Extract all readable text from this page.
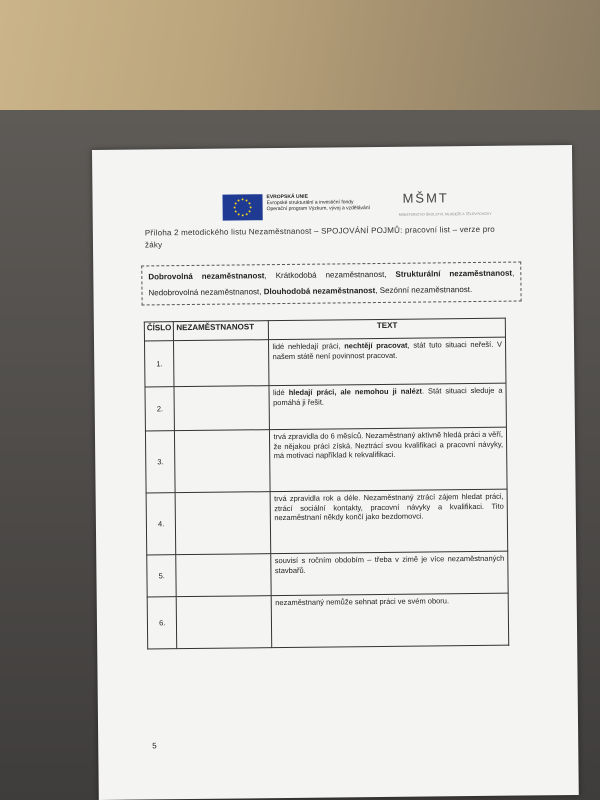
EVROPSKÁ UNIE
Evropské strukturální a investiční fondy
Operační program Výzkum, vývoj a vzdělávání
MŠMT
MINISTERSTVO ŠKOLSTVÍ, MLÁDEŽE A TĚLOVÝCHOVY
Příloha 2 metodického listu Nezaměstnanost – SPOJOVÁNÍ POJMŮ: pracovní list – verze pro žáky
Dobrovolná nezaměstnanost, Krátkodobá nezaměstnanost, Strukturální nezaměstnanost, Nedobrovolná nezaměstnanost, Dlouhodobá nezaměstnanost, Sezónní nezaměstnanost.
ČÍSLO	NEZAMĚSTNANOST	TEXT
1.		lidé nehledají práci, nechtějí pracovat, stát tuto situaci neřeší. V našem státě není povinnost pracovat.
2.		lidé hledají práci, ale nemohou ji nalézt. Stát situaci sleduje a pomáhá ji řešit.
3.		trvá zpravidla do 6 měsíců. Nezaměstnaný aktivně hledá práci a věří, že nějakou práci získá. Neztrácí svou kvalifikaci a pracovní návyky, má motivaci například k rekvalifikaci.
4.		trvá zpravidla rok a déle. Nezaměstnaný ztrácí zájem hledat práci, ztrácí sociální kontakty, pracovní návyky a kvalifikaci. Tito nezaměstnaní někdy končí jako bezdomovci.
5.		souvisí s ročním obdobím – třeba v zimě je více nezaměstnaných stavbařů.
6.		nezaměstnaný nemůže sehnat práci ve svém oboru.
5
